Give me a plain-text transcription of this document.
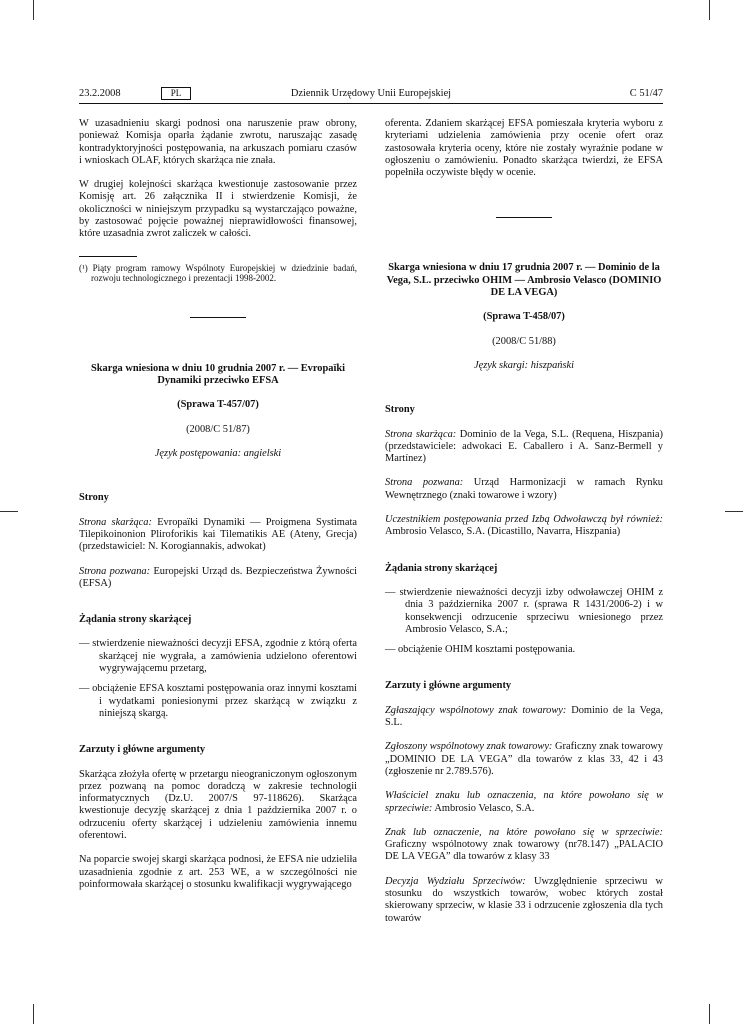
23.2.2008	Dziennik Urzędowy Unii Europejskiej
PL	C 51/47

W uzasadnieniu skargi podnosi ona naruszenie praw obrony, ponieważ Komisja oparła żądanie zwrotu, naruszając zasadę kontradyktoryjności postępowania, na arkuszach pomiaru czasów i wnioskach OLAF, których skarżąca nie znała.

W drugiej kolejności skarżąca kwestionuje zastosowanie przez Komisję art. 26 załącznika II i stwierdzenie Komisji, że okoliczności w niniejszym przypadku są wystarczająco poważne, by zastosować pojęcie poważnej nieprawidłowości finansowej, które uzasadnia zwrot zaliczek w całości.

(¹) Piąty program ramowy Wspólnoty Europejskiej w dziedzinie badań, rozwoju technologicznego i prezentacji 1998-2002.

Skarga wniesiona w dniu 10 grudnia 2007 r. — Evropaïki Dynamiki przeciwko EFSA

(Sprawa T-457/07)

(2008/C 51/87)

Język postępowania: angielski

Strony

Strona skarżąca: Evropaïki Dynamiki — Proigmena Systimata Tilepikoinonion Pliroforikis kai Tilematikis AE (Ateny, Grecja) (przedstawiciel: N. Korogiannakis, adwokat)

Strona pozwana: Europejski Urząd ds. Bezpieczeństwa Żywności (EFSA)

Żądania strony skarżącej

— stwierdzenie nieważności decyzji EFSA, zgodnie z którą oferta skarżącej nie wygrała, a zamówienia udzielono oferentowi wygrywającemu przetarg,

— obciążenie EFSA kosztami postępowania oraz innymi kosztami i wydatkami poniesionymi przez skarżącą w związku z niniejszą skargą.

Zarzuty i główne argumenty

Skarżąca złożyła ofertę w przetargu nieograniczonym ogłoszonym przez pozwaną na pomoc doradczą w zakresie technologii informatycznych (Dz.U. 2007/S 97-118626). Skarżąca kwestionuje decyzję skarżącej z dnia 1 października 2007 r. o odrzuceniu oferty skarżącej i udzieleniu zamówienia innemu oferentowi.

Na poparcie swojej skargi skarżąca podnosi, że EFSA nie udzieliła uzasadnienia zgodnie z art. 253 WE, a w szczególności nie poinformowała skarżącej o stosunku kwalifikacji wygrywającego

oferenta. Zdaniem skarżącej EFSA pomieszała kryteria wyboru z kryteriami udzielenia zamówienia przy ocenie ofert oraz zastosowała kryteria oceny, które nie zostały wyraźnie podane w ogłoszeniu o zamówieniu. Ponadto skarżąca twierdzi, że EFSA popełniła oczywiste błędy w ocenie.

Skarga wniesiona w dniu 17 grudnia 2007 r. — Dominio de la Vega, S.L. przeciwko OHIM — Ambrosio Velasco (DOMINIO DE LA VEGA)

(Sprawa T-458/07)

(2008/C 51/88)

Język skargi: hiszpański

Strony

Strona skarżąca: Dominio de la Vega, S.L. (Requena, Hiszpania) (przedstawiciele: adwokaci E. Caballero i A. Sanz-Bermell y Martínez)

Strona pozwana: Urząd Harmonizacji w ramach Rynku Wewnętrznego (znaki towarowe i wzory)

Uczestnikiem postępowania przed Izbą Odwoławczą był również: Ambrosio Velasco, S.A. (Dicastillo, Navarra, Hiszpania)

Żądania strony skarżącej

— stwierdzenie nieważności decyzji izby odwoławczej OHIM z dnia 3 października 2007 r. (sprawa R 1431/2006-2) i w konsekwencji odrzucenie sprzeciwu wniesionego przez Ambrosio Velasco, S.A.;

— obciążenie OHIM kosztami postępowania.

Zarzuty i główne argumenty

Zgłaszający wspólnotowy znak towarowy: Dominio de la Vega, S.L.

Zgłoszony wspólnotowy znak towarowy: Graficzny znak towarowy „DOMINIO DE LA VEGA” dla towarów z klas 33, 42 i 43 (zgłoszenie nr 2.789.576).

Właściciel znaku lub oznaczenia, na które powołano się w sprzeciwie: Ambrosio Velasco, S.A.

Znak lub oznaczenie, na które powołano się w sprzeciwie: Graficzny wspólnotowy znak towarowy (nr78.147) „PALACIO DE LA VEGA” dla towarów z klasy 33

Decyzja Wydziału Sprzeciwów: Uwzględnienie sprzeciwu w stosunku do wszystkich towarów, wobec których został skierowany sprzeciw, w klasie 33 i odrzucenie zgłoszenia dla tych towarów
